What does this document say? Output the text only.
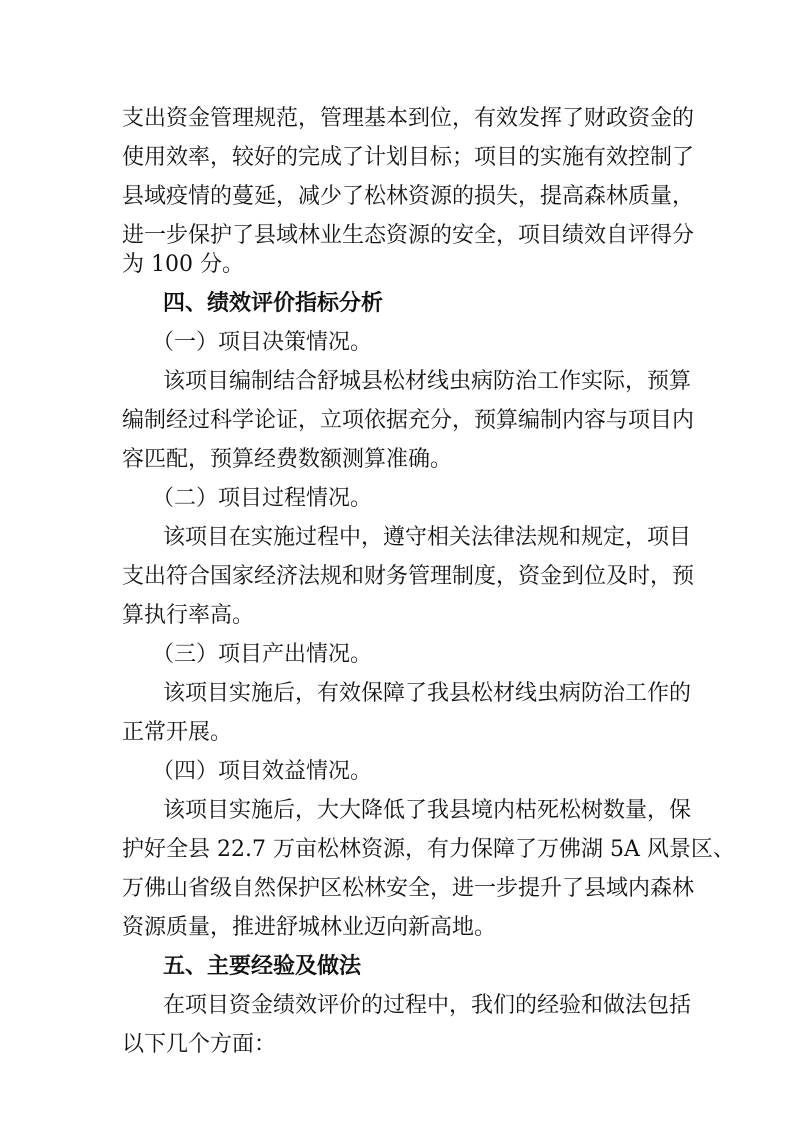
支出资金管理规范，管理基本到位，有效发挥了财政资金的
使用效率，较好的完成了计划目标；项目的实施有效控制了
县域疫情的蔓延，减少了松林资源的损失，提高森林质量，
进一步保护了县域林业生态资源的安全，项目绩效自评得分
为 100 分。
四、绩效评价指标分析
（一）项目决策情况。
该项目编制结合舒城县松材线虫病防治工作实际，预算
编制经过科学论证，立项依据充分，预算编制内容与项目内
容匹配，预算经费数额测算准确。
（二）项目过程情况。
该项目在实施过程中，遵守相关法律法规和规定，项目
支出符合国家经济法规和财务管理制度，资金到位及时，预
算执行率高。
（三）项目产出情况。
该项目实施后，有效保障了我县松材线虫病防治工作的
正常开展。
（四）项目效益情况。
该项目实施后，大大降低了我县境内枯死松树数量，保
护好全县 22.7 万亩松林资源，有力保障了万佛湖 5A 风景区、
万佛山省级自然保护区松林安全，进一步提升了县域内森林
资源质量，推进舒城林业迈向新高地。
五、主要经验及做法
在项目资金绩效评价的过程中，我们的经验和做法包括
以下几个方面：
